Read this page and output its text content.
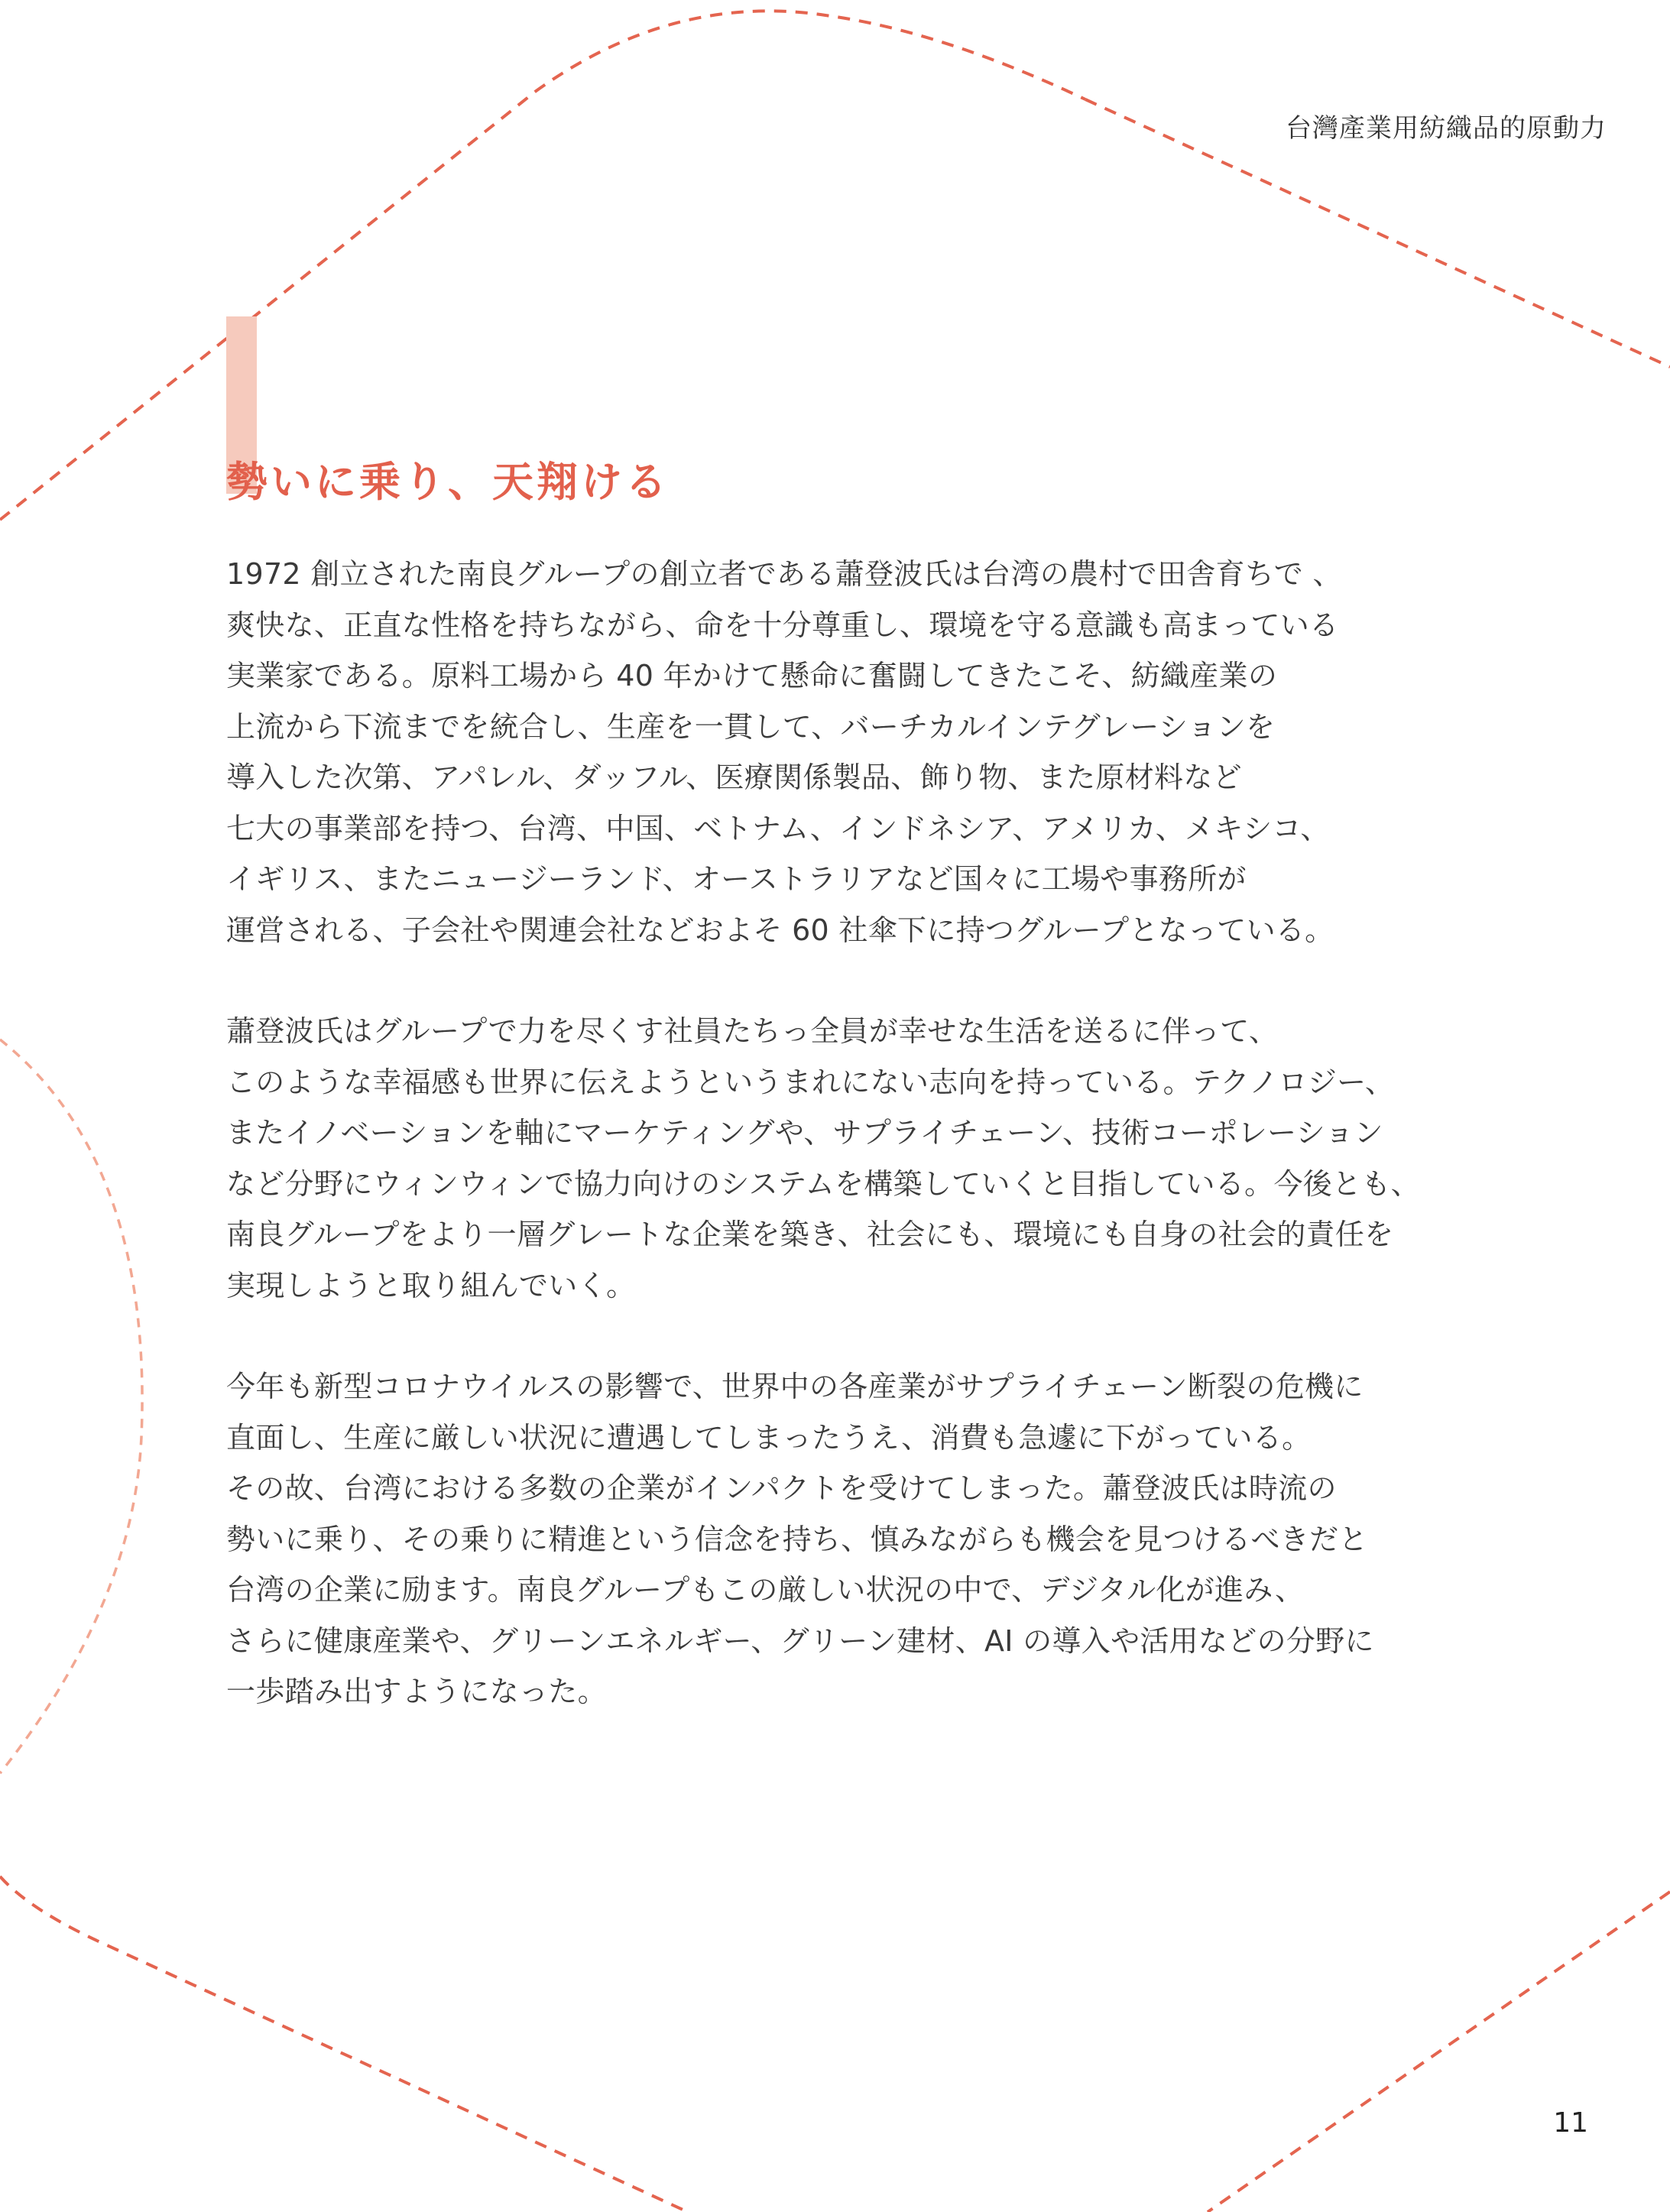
台灣產業用紡織品的原動力
勢いに乗り、天翔ける

1972 創立された南良グループの創立者である蕭登波氏は台湾の農村で田舎育ちで 、
爽快な、正直な性格を持ちながら、命を十分尊重し、環境を守る意識も高まっている
実業家である。原料工場から 40 年かけて懸命に奮闘してきたこそ、紡織産業の
上流から下流までを統合し、生産を一貫して、バーチカルインテグレーションを
導入した次第、アパレル、ダッフル、医療関係製品、飾り物、また原材料など
七大の事業部を持つ、台湾、中国、ベトナム、インドネシア、アメリカ、メキシコ、
イギリス、またニュージーランド、オーストラリアなど国々に工場や事務所が
運営される、子会社や関連会社などおよそ 60 社傘下に持つグループとなっている。

蕭登波氏はグループで力を尽くす社員たちっ全員が幸せな生活を送るに伴って、
このような幸福感も世界に伝えようというまれにない志向を持っている。テクノロジー、
またイノベーションを軸にマーケティングや、サプライチェーン、技術コーポレーション
など分野にウィンウィンで協力向けのシステムを構築していくと目指している。今後とも、
南良グループをより一層グレートな企業を築き、社会にも、環境にも自身の社会的責任を
実現しようと取り組んでいく。

今年も新型コロナウイルスの影響で、世界中の各産業がサプライチェーン断裂の危機に
直面し、生産に厳しい状況に遭遇してしまったうえ、消費も急遽に下がっている。
その故、台湾における多数の企業がインパクトを受けてしまった。蕭登波氏は時流の
勢いに乗り、その乗りに精進という信念を持ち、慎みながらも機会を見つけるべきだと
台湾の企業に励ます。南良グループもこの厳しい状況の中で、デジタル化が進み、
さらに健康産業や、グリーンエネルギー、グリーン建材、AI の導入や活用などの分野に
一歩踏み出すようになった。

11
